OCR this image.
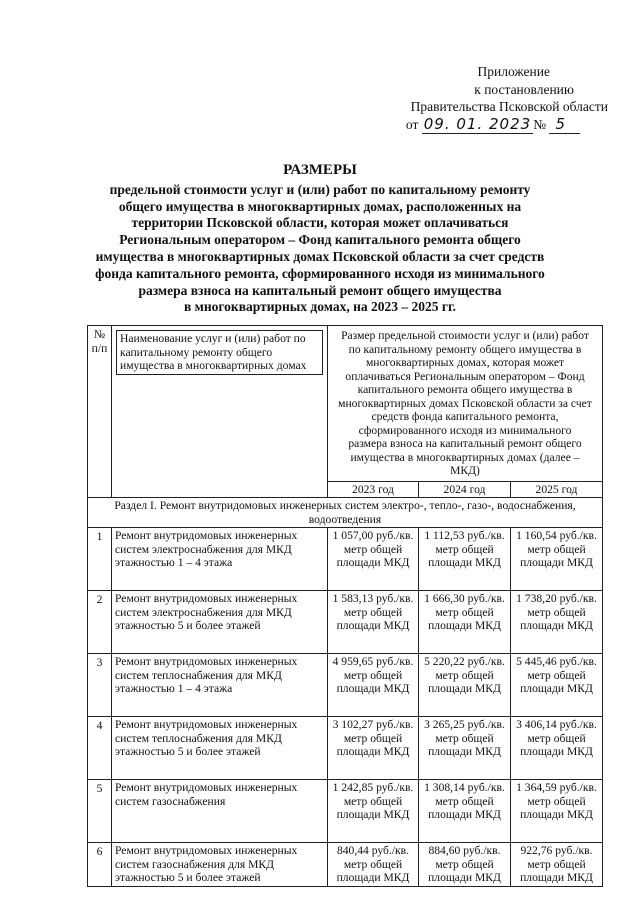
Приложение
к постановлению
Правительства Псковской области
от 09. 01. 2023 № 5
РАЗМЕРЫ
предельной стоимости услуг и (или) работ по капитальному ремонту
общего имущества в многоквартирных домах, расположенных на
территории Псковской области, которая может оплачиваться
Региональным оператором – Фонд капитального ремонта общего
имущества в многоквартирных домах Псковской области за счет средств
фонда капитального ремонта, сформированного исходя из минимального
размера взноса на капитальный ремонт общего имущества
в многоквартирных домах, на 2023 – 2025 гг.
№ п/п	Наименование услуг и (или) работ по капитальному ремонту общего имущества в многоквартирных домах	Размер предельной стоимости услуг и (или) работ по капитальному ремонту общего имущества в многоквартирных домах, которая может оплачиваться Региональным оператором – Фонд капитального ремонта общего имущества в многоквартирных домах Псковской области за счет средств фонда капитального ремонта, сформированного исходя из минимального размера взноса на капитальный ремонт общего имущества в многоквартирных домах (далее – МКД)		
		2023 год	2024 год	2025 год
Раздел I. Ремонт внутридомовых инженерных систем электро-, тепло-, газо-, водоснабжения, водоотведения				
1	Ремонт внутридомовых инженерных систем электроснабжения для МКД этажностью 1 – 4 этажа	1 057,00 руб./кв. метр общей площади МКД	1 112,53 руб./кв. метр общей площади МКД	1 160,54 руб./кв. метр общей площади МКД
2	Ремонт внутридомовых инженерных систем электроснабжения для МКД этажностью 5 и более этажей	1 583,13 руб./кв. метр общей площади МКД	1 666,30 руб./кв. метр общей площади МКД	1 738,20 руб./кв. метр общей площади МКД
3	Ремонт внутридомовых инженерных систем теплоснабжения для МКД этажностью 1 – 4 этажа	4 959,65 руб./кв. метр общей площади МКД	5 220,22 руб./кв. метр общей площади МКД	5 445,46 руб./кв. метр общей площади МКД
4	Ремонт внутридомовых инженерных систем теплоснабжения для МКД этажностью 5 и более этажей	3 102,27 руб./кв. метр общей площади МКД	3 265,25 руб./кв. метр общей площади МКД	3 406,14 руб./кв. метр общей площади МКД
5	Ремонт внутридомовых инженерных систем газоснабжения	1 242,85 руб./кв. метр общей площади МКД	1 308,14 руб./кв. метр общей площади МКД	1 364,59 руб./кв. метр общей площади МКД
6	Ремонт внутридомовых инженерных систем газоснабжения для МКД этажностью 5 и более этажей	840,44 руб./кв. метр общей площади МКД	884,60 руб./кв. метр общей площади МКД	922,76 руб./кв. метр общей площади МКД
